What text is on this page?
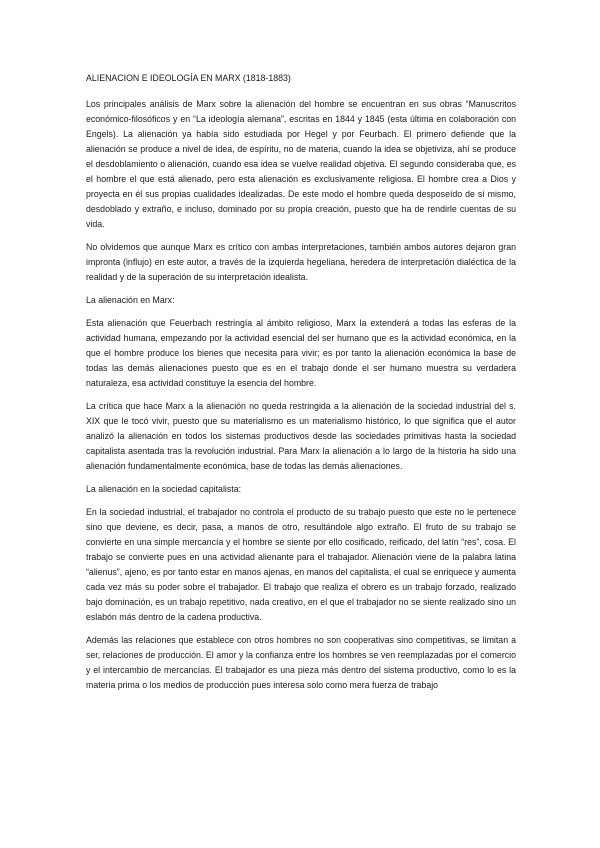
ALIENACION E IDEOLOGÍA EN MARX (1818-1883)
Los principales análisis de Marx sobre la alienación del hombre se encuentran en sus obras “Manuscritos económico-filosóficos y en “La ideología alemana”, escritas en 1844 y 1845 (esta última en colaboración con Engels). La alienación ya había sido estudiada por Hegel y por Feurbach. El primero defiende que la alienación se produce a nivel de idea, de espíritu, no de materia, cuando la idea se objetiviza, ahí se produce el desdoblamiento o alienación, cuando esa idea se vuelve realidad objetiva. El segundo consideraba que, es el hombre el que está alienado, pero esta alienación es exclusivamente religiosa. El hombre crea a Dios y proyecta en él sus propias cualidades idealizadas. De este modo el hombre queda desposeído de sí mismo, desdoblado y extraño, e incluso, dominado por su propia creación, puesto que ha de rendirle cuentas de su vida.
No olvidemos que aunque Marx es crítico con ambas interpretaciones, también ambos autores dejaron gran impronta (influjo) en este autor, a través de la izquierda hegeliana, heredera de interpretación dialéctica de la realidad y de la superación de su interpretación idealista.
La alienación en Marx:
Esta alienación que Feuerbach restringía al ámbito religioso, Marx la extenderá a todas las esferas de la actividad humana, empezando por la actividad esencial del ser humano que es la actividad económica, en la que el hombre produce los bienes que necesita para vivir; es por tanto la alienación económica la base de todas las demás alienaciones puesto que es en el trabajo donde el ser humano muestra su verdadera naturaleza, esa actividad constituye la esencia del hombre.
La crítica que hace Marx a la alienación no queda restringida a la alienación de la sociedad industrial del s. XIX que le tocó vivir, puesto que su materialismo es un materialismo histórico, lo que significa que el autor analizó la alienación en todos los sistemas productivos desde las sociedades primitivas hasta la sociedad capitalista asentada tras la revolución industrial. Para Marx la alienación a lo largo de la historia ha sido una alienación fundamentalmente económica, base de todas las demás alienaciones.
La alienación en la sociedad capitalista:
En la sociedad industrial, el trabajador no controla el producto de su trabajo puesto que este no le pertenece sino que deviene, es decir, pasa, a manos de otro, resultándole algo extraño. El fruto de su trabajo se convierte en una simple mercancía y el hombre se siente por ello cosificado, reificado, del latín “res”, cosa. El trabajo se convierte pues en una actividad alienante para el trabajador. Alienación viene de la palabra latina “alienus”, ajeno, es por tanto estar en manos ajenas, en manos del capitalista, el cual se enriquece y aumenta cada vez más su poder sobre el trabajador. El trabajo que realiza el obrero es un trabajo forzado, realizado bajo dominación, es un trabajo repetitivo, nada creativo, en el que el trabajador no se siente realizado sino un eslabón más dentro de la cadena productiva.
Además las relaciones que establece con otros hombres no son cooperativas sino competitivas, se limitan a ser, relaciones de producción. El amor y la confianza entre los hombres se ven reemplazadas por el comercio y el intercambio de mercancías. El trabajador es una pieza más dentro del sistema productivo, como lo es la materia prima o los medios de producción pues interesa solo como mera fuerza de trabajo
